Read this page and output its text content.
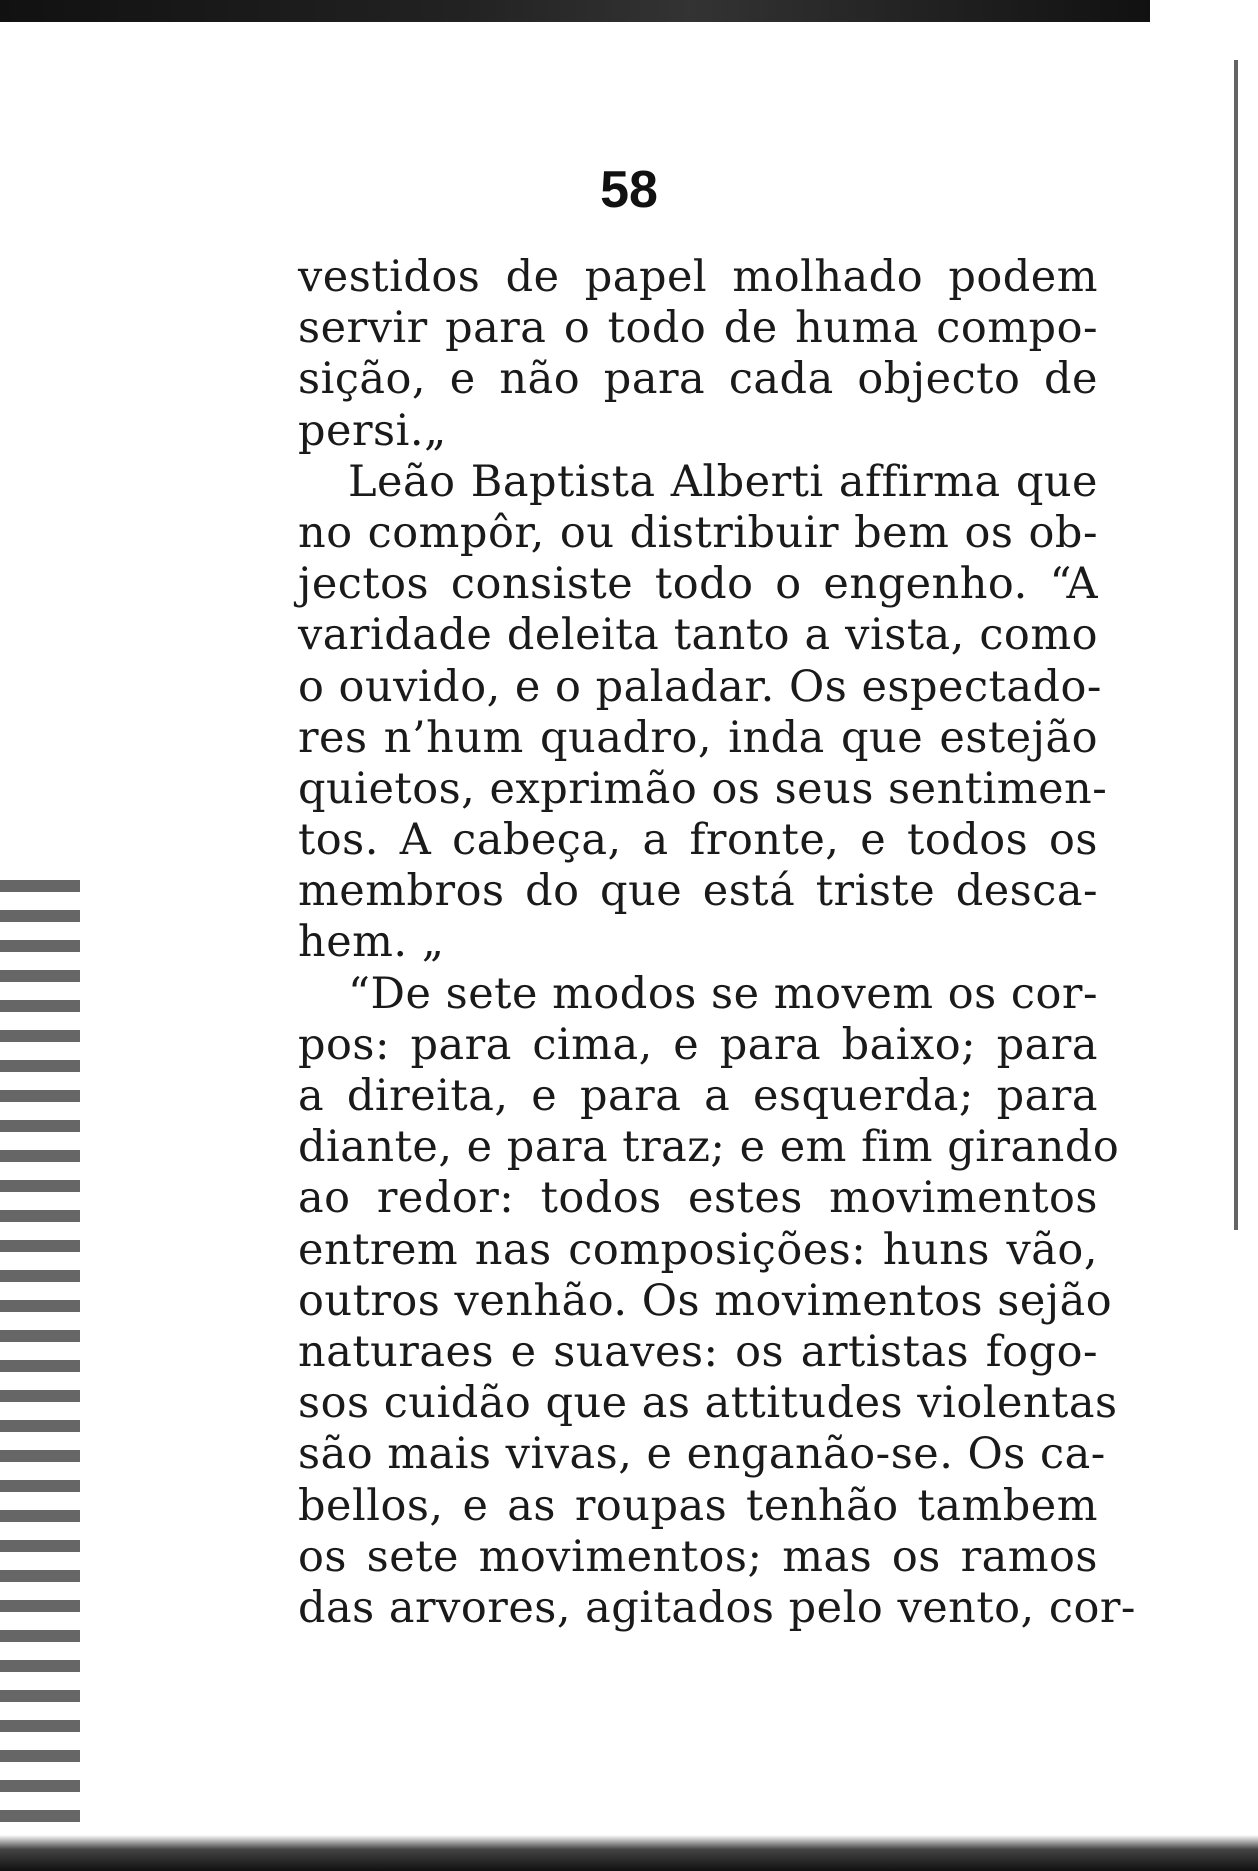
58
vestidos de papel molhado podem
servir para o todo de huma compo-
sição, e não para cada objecto de
persi.„
Leão Baptista Alberti affirma que
no compôr, ou distribuir bem os ob-
jectos consiste todo o engenho. “A
varidade deleita tanto a vista, como
o ouvido, e o paladar. Os espectado-
res n’hum quadro, inda que estejão
quietos, exprimão os seus sentimen-
tos. A cabeça, a fronte, e todos os
membros do que está triste desca-
hem. „
“De sete modos se movem os cor-
pos: para cima, e para baixo; para
a direita, e para a esquerda; para
diante, e para traz; e em fim girando
ao redor: todos estes movimentos
entrem nas composições: huns vão,
outros venhão. Os movimentos sejão
naturaes e suaves: os artistas fogo-
sos cuidão que as attitudes violentas
são mais vivas, e enganão-se. Os ca-
bellos, e as roupas tenhão tambem
os sete movimentos; mas os ramos
das arvores, agitados pelo vento, cor-
